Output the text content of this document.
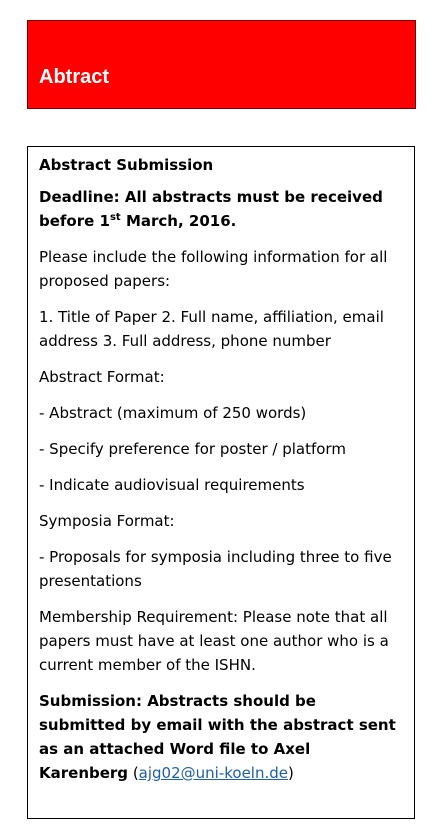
Abtract
Abstract Submission

Deadline: All abstracts must be received before 1st March, 2016.

Please include the following information for all proposed papers:

1. Title of Paper 2. Full name, affiliation, email address 3. Full address, phone number

Abstract Format:

- Abstract (maximum of 250 words)

- Specify preference for poster / platform

- Indicate audiovisual requirements

Symposia Format:

- Proposals for symposia including three to five presentations

Membership Requirement: Please note that all papers must have at least one author who is a current member of the ISHN.

Submission: Abstracts should be submitted by email with the abstract sent as an attached Word file to Axel Karenberg (ajg02@uni-koeln.de)
